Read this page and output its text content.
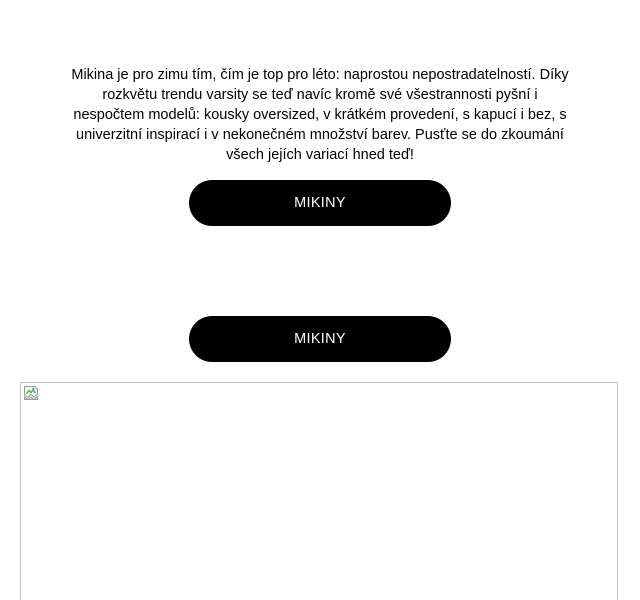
Mikina je pro zimu tím, čím je top pro léto: naprostou nepostradatelností. Díky rozkvětu trendu varsity se teď navíc kromě své všestrannosti pyšní i nespočtem modelů: kousky oversized, v krátkém provedení, s kapucí i bez, s univerzitní inspirací i v nekonečném množství barev. Pusťte se do zkoumání všech jejích variací hned teď!

MIKINY
MIKINY
